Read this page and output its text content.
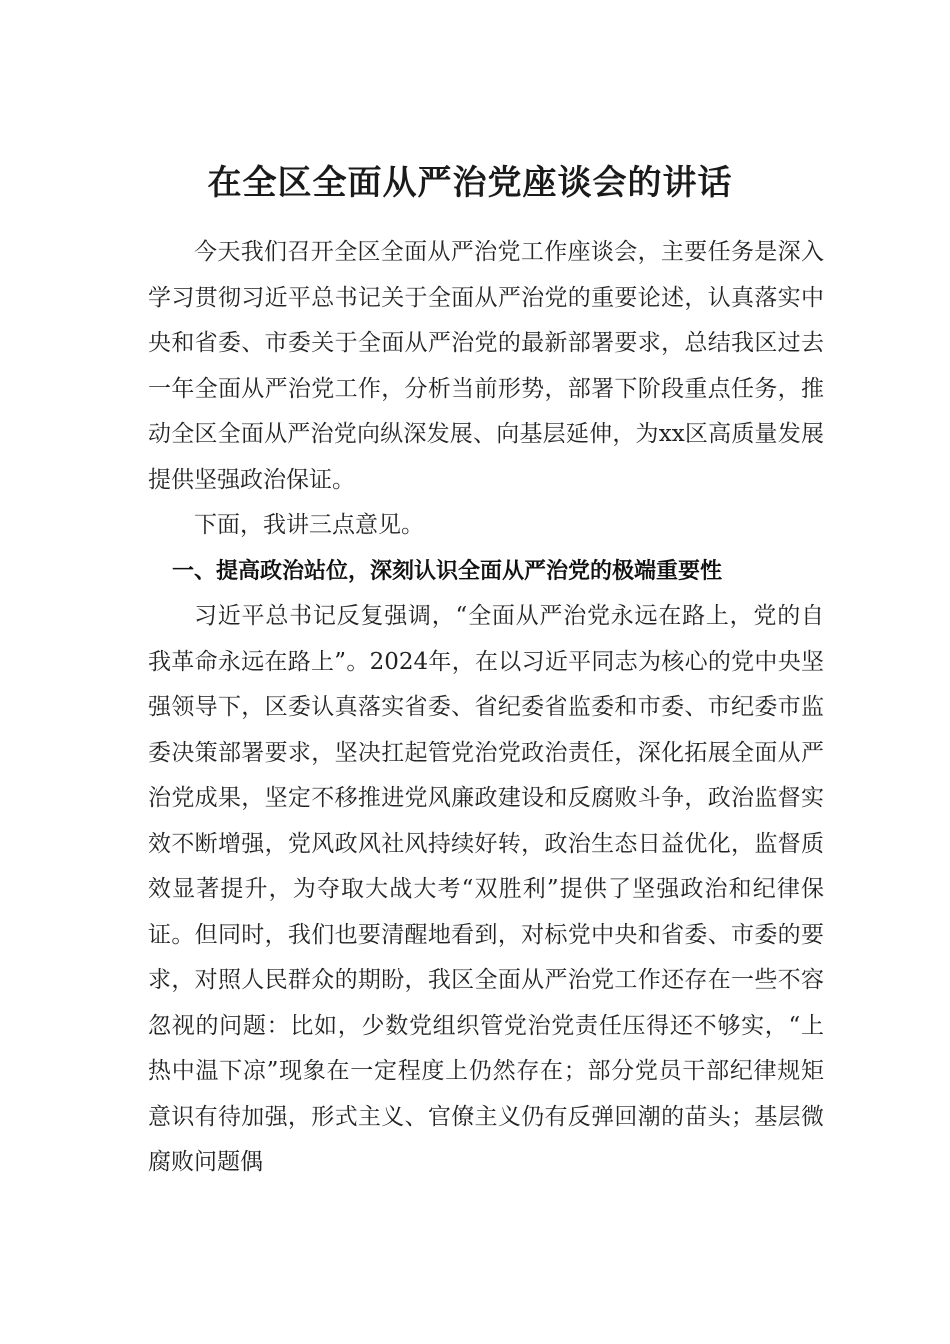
在全区全面从严治党座谈会的讲话

今天我们召开全区全面从严治党工作座谈会，主要任务是深入学习贯彻习近平总书记关于全面从严治党的重要论述，认真落实中央和省委、市委关于全面从严治党的最新部署要求，总结我区过去一年全面从严治党工作，分析当前形势，部署下阶段重点任务，推动全区全面从严治党向纵深发展、向基层延伸，为xx区高质量发展提供坚强政治保证。

下面，我讲三点意见。

一、提高政治站位，深刻认识全面从严治党的极端重要性

习近平总书记反复强调，“全面从严治党永远在路上，党的自我革命永远在路上”。2024年，在以习近平同志为核心的党中央坚强领导下，区委认真落实省委、省纪委省监委和市委、市纪委市监委决策部署要求，坚决扛起管党治党政治责任，深化拓展全面从严治党成果，坚定不移推进党风廉政建设和反腐败斗争，政治监督实效不断增强，党风政风社风持续好转，政治生态日益优化，监督质效显著提升，为夺取大战大考“双胜利”提供了坚强政治和纪律保证。但同时，我们也要清醒地看到，对标党中央和省委、市委的要求，对照人民群众的期盼，我区全面从严治党工作还存在一些不容忽视的问题：比如，少数党组织管党治党责任压得还不够实，“上热中温下凉”现象在一定程度上仍然存在；部分党员干部纪律规矩意识有待加强，形式主义、官僚主义仍有反弹回潮的苗头；基层微腐败问题偶
